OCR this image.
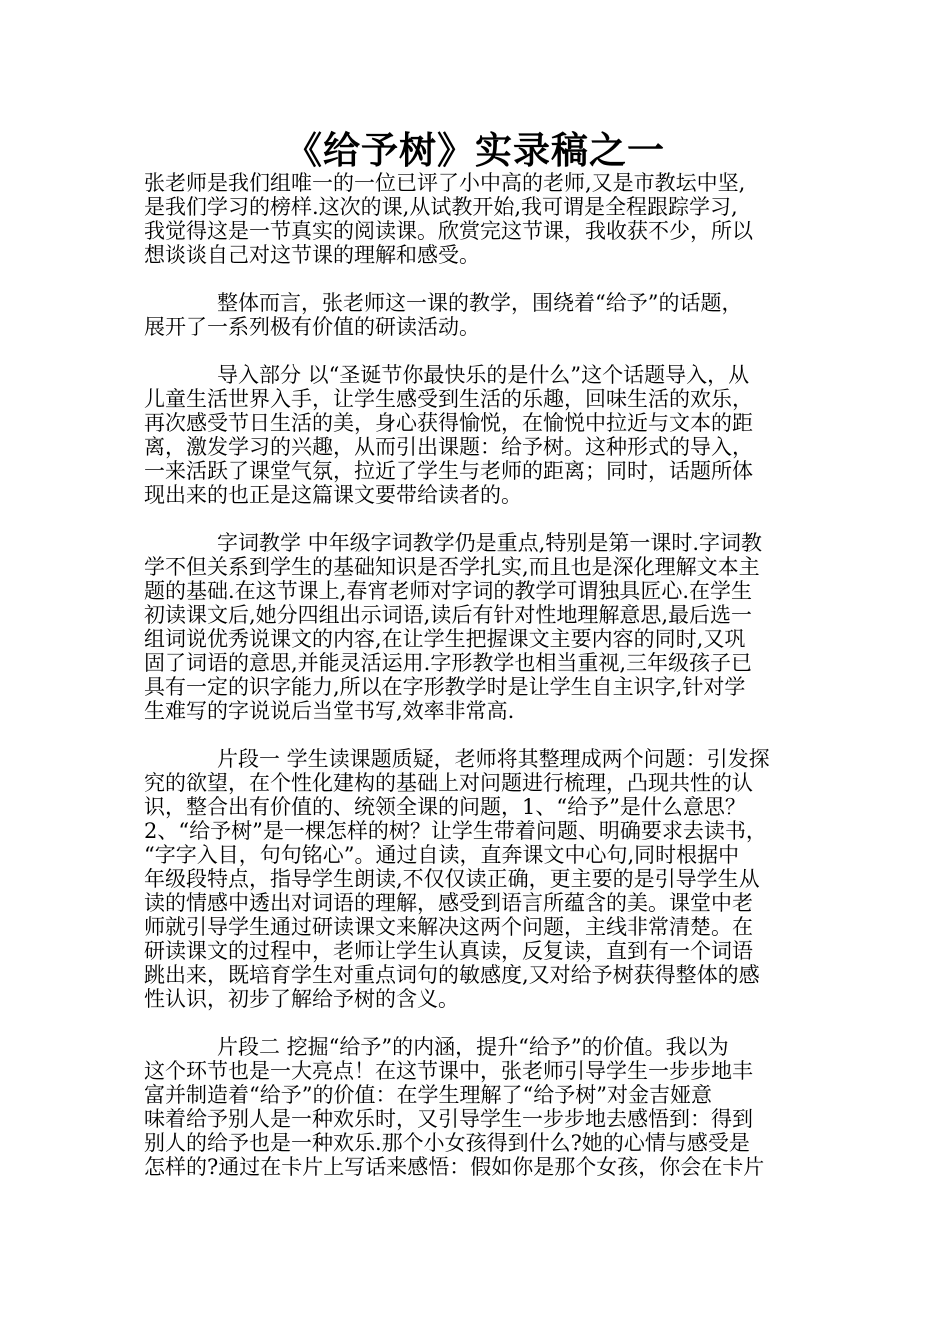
《给予树》实录稿之一
张老师是我们组唯一的一位已评了小中高的老师,又是市教坛中坚,
是我们学习的榜样.这次的课,从试教开始,我可谓是全程跟踪学习,
我觉得这是一节真实的阅读课。欣赏完这节课，我收获不少，所以
想谈谈自己对这节课的理解和感受。
整体而言，张老师这一课的教学，围绕着“给予”的话题，
展开了一系列极有价值的研读活动。
导入部分 以“圣诞节你最快乐的是什么”这个话题导入，从
儿童生活世界入手，让学生感受到生活的乐趣，回味生活的欢乐，
再次感受节日生活的美，身心获得愉悦，在愉悦中拉近与文本的距
离，激发学习的兴趣，从而引出课题：给予树。这种形式的导入，
一来活跃了课堂气氛，拉近了学生与老师的距离；同时，话题所体
现出来的也正是这篇课文要带给读者的。
字词教学 中年级字词教学仍是重点,特别是第一课时.字词教
学不但关系到学生的基础知识是否学扎实,而且也是深化理解文本主
题的基础.在这节课上,春宵老师对字词的教学可谓独具匠心.在学生
初读课文后,她分四组出示词语,读后有针对性地理解意思,最后选一
组词说优秀说课文的内容,在让学生把握课文主要内容的同时,又巩
固了词语的意思,并能灵活运用.字形教学也相当重视,三年级孩子已
具有一定的识字能力,所以在字形教学时是让学生自主识字,针对学
生难写的字说说后当堂书写,效率非常高.
片段一 学生读课题质疑，老师将其整理成两个问题：引发探
究的欲望，在个性化建构的基础上对问题进行梳理，凸现共性的认
识，整合出有价值的、统领全课的问题，1、“给予”是什么意思？
2、“给予树”是一棵怎样的树？让学生带着问题、明确要求去读书，
“字字入目，句句铭心”。通过自读，直奔课文中心句,同时根据中
年级段特点，指导学生朗读,不仅仅读正确，更主要的是引导学生从
读的情感中透出对词语的理解，感受到语言所蕴含的美。课堂中老
师就引导学生通过研读课文来解决这两个问题，主线非常清楚。在
研读课文的过程中，老师让学生认真读，反复读，直到有一个词语
跳出来，既培育学生对重点词句的敏感度,又对给予树获得整体的感
性认识，初步了解给予树的含义。
片段二 挖掘“给予”的内涵，提升“给予”的价值。我以为
这个环节也是一大亮点！在这节课中，张老师引导学生一步步地丰
富并制造着“给予”的价值：在学生理解了“给予树”对金吉娅意
味着给予别人是一种欢乐时，又引导学生一步步地去感悟到：得到
别人的给予也是一种欢乐.那个小女孩得到什么?她的心情与感受是
怎样的?通过在卡片上写话来感悟：假如你是那个女孩，你会在卡片
